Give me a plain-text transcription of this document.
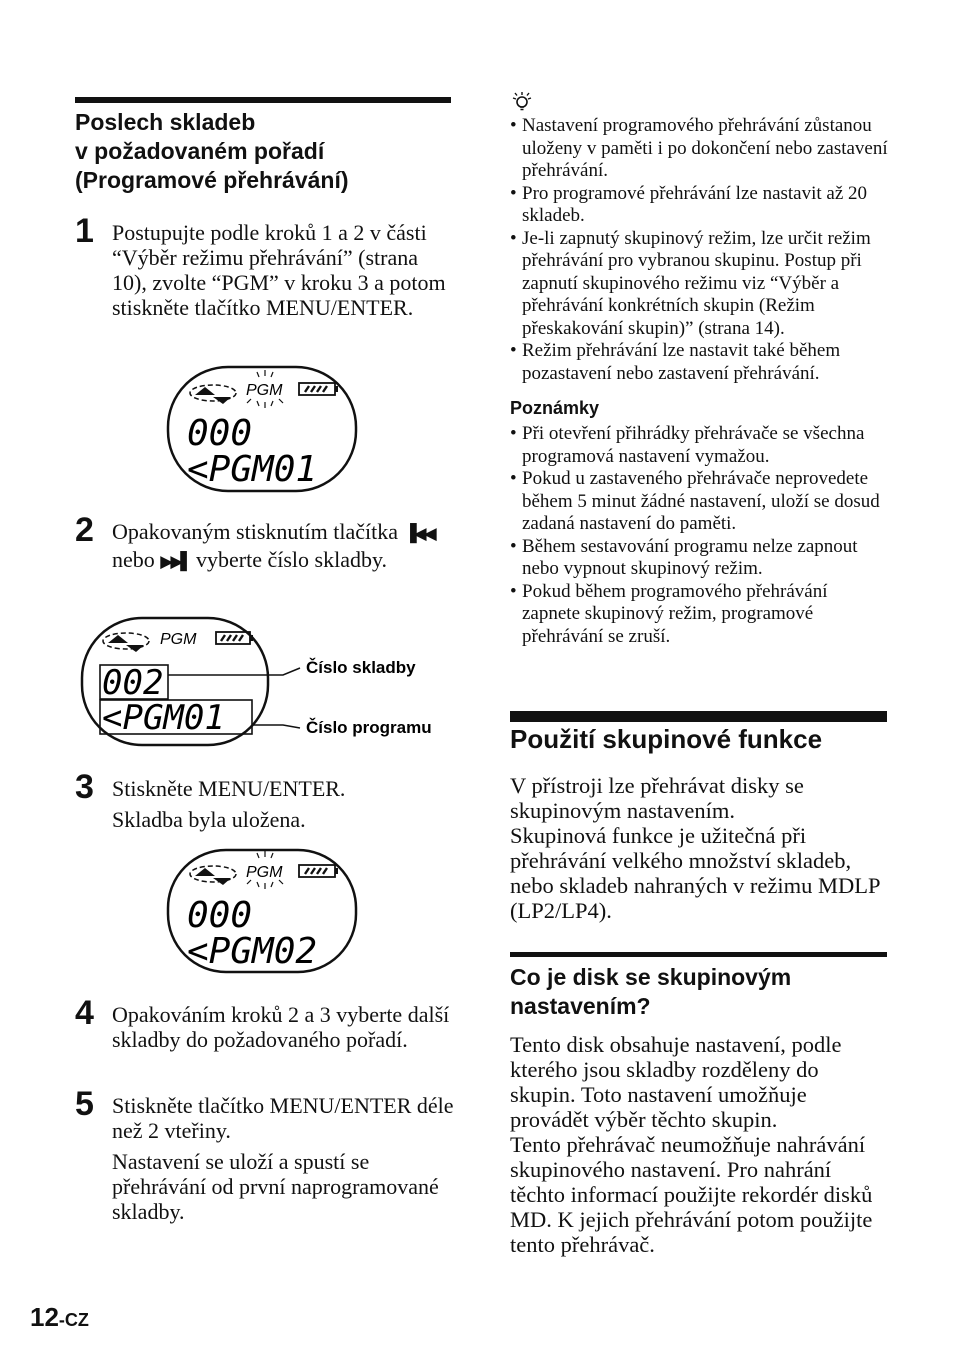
Poslech skladeb
v požadovaném pořadí
(Programové přehrávání)
1 Postupujte podle kroků 1 a 2 v části “Výběr režimu přehrávání” (strana 10), zvolte “PGM” v kroku 3 a potom stiskněte tlačítko MENU/ENTER.

PGM
000
<PGM01
2 Opakovaným stisknutím tlačítka ▐◀◀ nebo ▶▶▌ vyberte číslo skladby.

PGM
002
<PGM01
Číslo skladby
Číslo programu
3 Stiskněte MENU/ENTER.

Skladba byla uložena.

PGM
000
<PGM02
4 Opakováním kroků 2 a 3 vyberte další skladby do požadovaného pořadí.

5 Stiskněte tlačítko MENU/ENTER déle než 2 vteřiny.

Nastavení se uloží a spustí se přehrávání od první naprogramované skladby.

• Nastavení programového přehrávání zůstanou uloženy v paměti i po dokončení nebo zastavení přehrávání.
• Pro programové přehrávání lze nastavit až 20 skladeb.
• Je-li zapnutý skupinový režim, lze určit režim přehrávání pro vybranou skupinu. Postup při zapnutí skupinového režimu viz “Výběr a přehrávání konkrétních skupin (Režim přeskakování skupin)” (strana 14).
• Režim přehrávání lze nastavit také během pozastavení nebo zastavení přehrávání.
Poznámky
• Při otevření přihrádky přehrávače se všechna programová nastavení vymažou.
• Pokud u zastaveného přehrávače neprovedete během 5 minut žádné nastavení, uloží se dosud zadaná nastavení do paměti.
• Během sestavování programu nelze zapnout nebo vypnout skupinový režim.
• Pokud během programového přehrávání zapnete skupinový režim, programové přehrávání se zruší.
Použití skupinové funkce

V přístroji lze přehrávat disky se skupinovým nastavením.

Skupinová funkce je užitečná při přehrávání velkého množství skladeb, nebo skladeb nahraných v režimu MDLP (LP2/LP4).

Co je disk se skupinovým nastavením?

Tento disk obsahuje nastavení, podle kterého jsou skladby rozděleny do skupin. Toto nastavení umožňuje provádět výběr těchto skupin.

Tento přehrávač neumožňuje nahrávání skupinového nastavení. Pro nahrání těchto informací použijte rekordér disků MD. K jejich přehrávání potom použijte tento přehrávač.

12-CZ
